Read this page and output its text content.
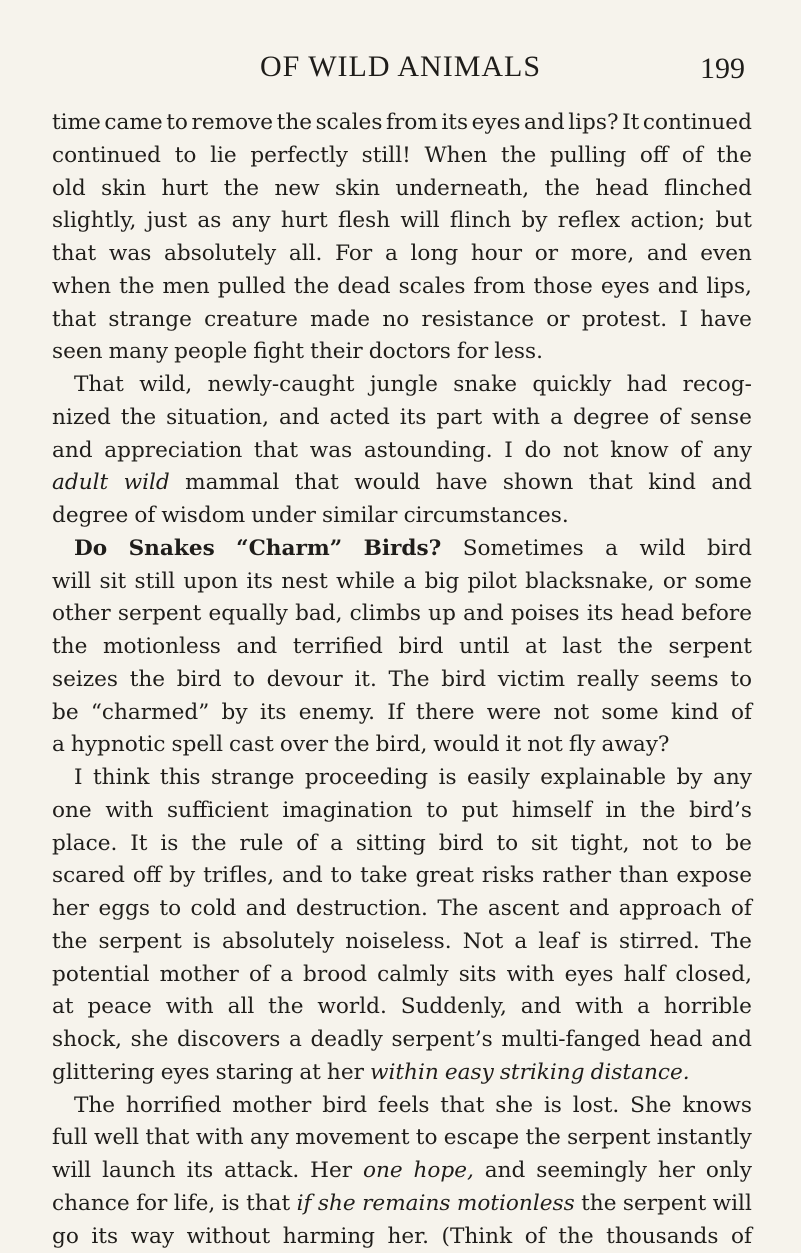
OF WILD ANIMALS	199
time came to remove the scales from its eyes and lips? It continued
continued to lie perfectly still! When the pulling off of the
old skin hurt the new skin underneath, the head flinched
slightly, just as any hurt flesh will flinch by reflex action; but
that was absolutely all. For a long hour or more, and even
when the men pulled the dead scales from those eyes and lips,
that strange creature made no resistance or protest. I have
seen many people fight their doctors for less.
That wild, newly-caught jungle snake quickly had recog-
nized the situation, and acted its part with a degree of sense
and appreciation that was astounding. I do not know of any
adult wild mammal that would have shown that kind and
degree of wisdom under similar circumstances.
Do Snakes “Charm” Birds? Sometimes a wild bird
will sit still upon its nest while a big pilot blacksnake, or some
other serpent equally bad, climbs up and poises its head before
the motionless and terrified bird until at last the serpent
seizes the bird to devour it. The bird victim really seems to
be “charmed” by its enemy. If there were not some kind of
a hypnotic spell cast over the bird, would it not fly away?
I think this strange proceeding is easily explainable by any
one with sufficient imagination to put himself in the bird’s
place. It is the rule of a sitting bird to sit tight, not to be
scared off by trifles, and to take great risks rather than expose
her eggs to cold and destruction. The ascent and approach of
the serpent is absolutely noiseless. Not a leaf is stirred. The
potential mother of a brood calmly sits with eyes half closed,
at peace with all the world. Suddenly, and with a horrible
shock, she discovers a deadly serpent’s multi-fanged head and
glittering eyes staring at her within easy striking distance.
The horrified mother bird feels that she is lost. She knows
full well that with any movement to escape the serpent instantly
will launch its attack. Her one hope, and seemingly her only
chance for life, is that if she remains motionless the serpent will
go its way without harming her. (Think of the thousands of
